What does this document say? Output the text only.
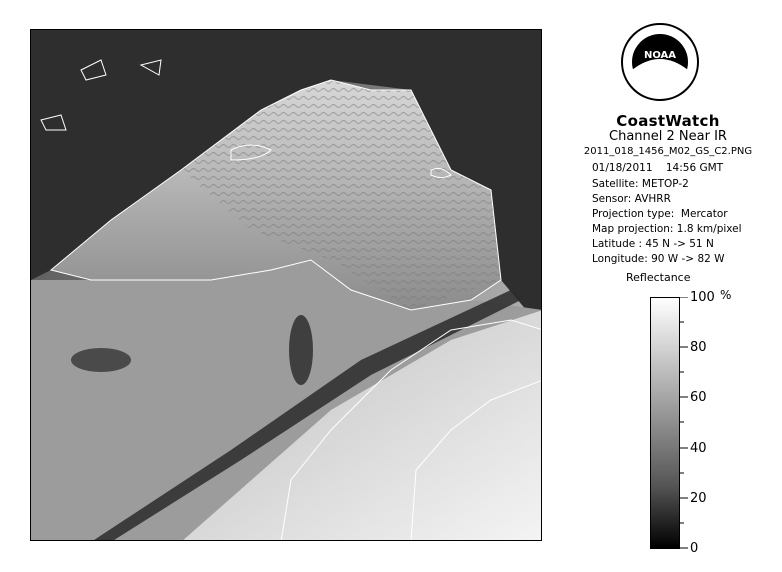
NOAA
CoastWatch
Channel 2 Near IR
2011_018_1456_M02_GS_C2.PNG
01/18/2011    14:56 GMT
Satellite: METOP-2
Sensor: AVHRR
Projection type:  Mercator
Map projection: 1.8 km/pixel
Latitude : 45 N -> 51 N
Longitude: 90 W -> 82 W
Reflectance
%
100
80
60
40
20
0
